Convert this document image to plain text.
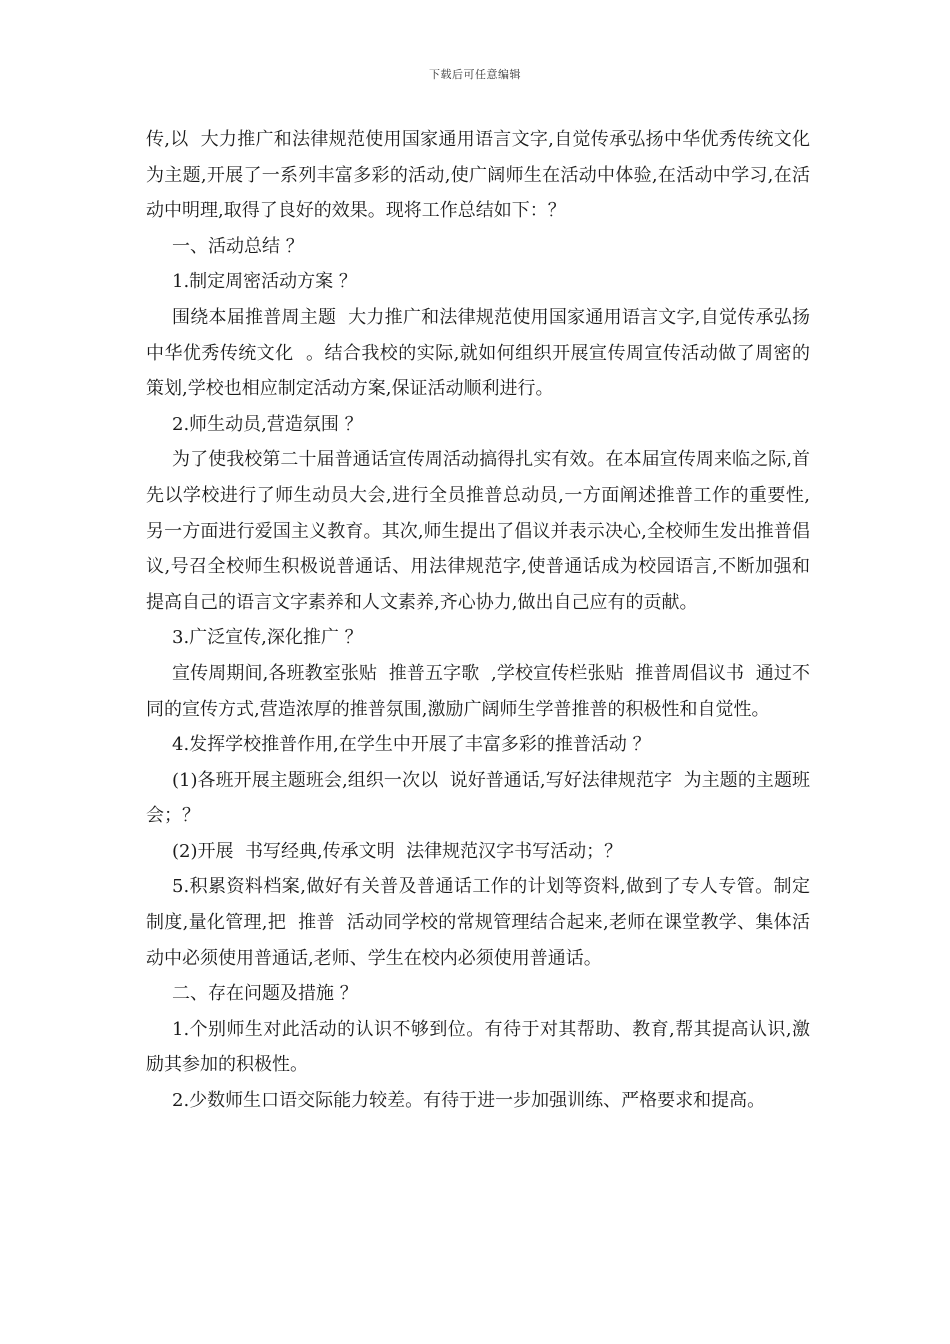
下载后可任意编辑

传,以  大力推广和法律规范使用国家通用语言文字,自觉传承弘扬中华优秀传统文化  为主题,开展了一系列丰富多彩的活动,使广阔师生在活动中体验,在活动中学习,在活动中明理,取得了良好的效果。现将工作总结如下：？

一、活动总结 ？

1.制定周密活动方案 ？

围绕本届推普周主题  大力推广和法律规范使用国家通用语言文字,自觉传承弘扬中华优秀传统文化  。结合我校的实际,就如何组织开展宣传周宣传活动做了周密的策划,学校也相应制定活动方案,保证活动顺利进行。

2.师生动员,营造氛围 ？

为了使我校第二十届普通话宣传周活动搞得扎实有效。在本届宣传周来临之际,首先以学校进行了师生动员大会,进行全员推普总动员,一方面阐述推普工作的重要性,另一方面进行爱国主义教育。其次,师生提出了倡议并表示决心,全校师生发出推普倡议,号召全校师生积极说普通话、用法律规范字,使普通话成为校园语言,不断加强和提高自己的语言文字素养和人文素养,齐心协力,做出自己应有的贡献。

3.广泛宣传,深化推广 ？

宣传周期间,各班教室张贴  推普五字歌  ,学校宣传栏张贴  推普周倡议书  通过不同的宣传方式,营造浓厚的推普氛围,激励广阔师生学普推普的积极性和自觉性。

4.发挥学校推普作用,在学生中开展了丰富多彩的推普活动 ？

(1)各班开展主题班会,组织一次以  说好普通话,写好法律规范字  为主题的主题班会；？

(2)开展  书写经典,传承文明  法律规范汉字书写活动；？

5.积累资料档案,做好有关普及普通话工作的计划等资料,做到了专人专管。制定制度,量化管理,把  推普  活动同学校的常规管理结合起来,老师在课堂教学、集体活动中必须使用普通话,老师、学生在校内必须使用普通话。

二、存在问题及措施 ？

1.个别师生对此活动的认识不够到位。有待于对其帮助、教育,帮其提高认识,激励其参加的积极性。

2.少数师生口语交际能力较差。有待于进一步加强训练、严格要求和提高。
